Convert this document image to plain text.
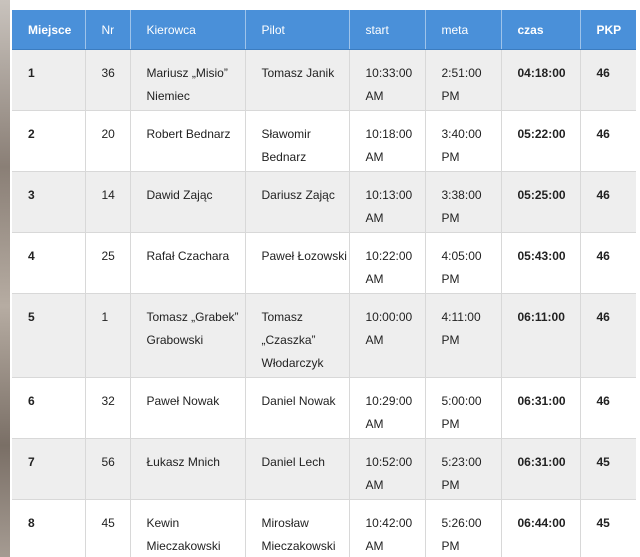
Miejsce	Nr	Kierowca	Pilot	start	meta	czas	PKP
1	36	Mariusz „Misio” Niemiec	Tomasz Janik	10:33:00 AM	2:51:00 PM	04:18:00	46
2	20	Robert Bednarz	Sławomir Bednarz	10:18:00 AM	3:40:00 PM	05:22:00	46
3	14	Dawid Zając	Dariusz Zając	10:13:00 AM	3:38:00 PM	05:25:00	46
4	25	Rafał Czachara	Paweł Łozowski	10:22:00 AM	4:05:00 PM	05:43:00	46
5	1	Tomasz „Grabek” Grabowski	Tomasz „Czaszka” Włodarczyk	10:00:00 AM	4:11:00 PM	06:11:00	46
6	32	Paweł Nowak	Daniel Nowak	10:29:00 AM	5:00:00 PM	06:31:00	46
7	56	Łukasz Mnich	Daniel Lech	10:52:00 AM	5:23:00 PM	06:31:00	45
8	45	Kewin Mieczakowski	Mirosław Mieczakowski	10:42:00 AM	5:26:00 PM	06:44:00	45
